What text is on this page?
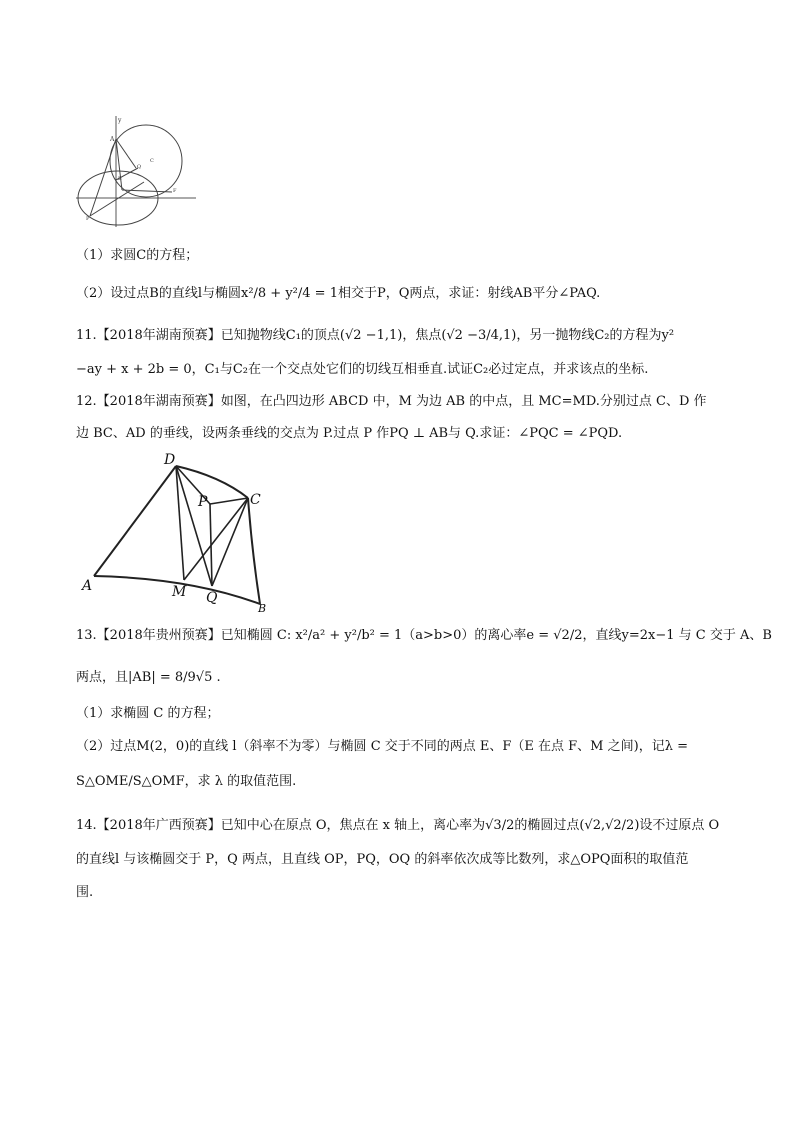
y
A
Q
C
B
F
P
（1）求圆C的方程；
（2）设过点B的直线l与椭圆x²/8 + y²/4 = 1相交于P，Q两点，求证：射线AB平分∠PAQ.
11.【2018年湖南预赛】已知抛物线C₁的顶点(√2 −1,1)，焦点(√2 −3/4,1)，另一抛物线C₂的方程为y²
−ay + x + 2b = 0，C₁与C₂在一个交点处它们的切线互相垂直.试证C₂必过定点，并求该点的坐标.
12.【2018年湖南预赛】如图，在凸四边形 ABCD 中，M 为边 AB 的中点，且 MC=MD.分别过点 C、D 作
边 BC、AD 的垂线，设两条垂线的交点为 P.过点 P 作PQ ⊥ AB与 Q.求证：∠PQC = ∠PQD.
D
P	C
A	M Q
B
13.【2018年贵州预赛】已知椭圆 C: x²/a² + y²/b² = 1（a>b>0）的离心率e = √2/2，直线y=2x−1 与 C 交于 A、B
两点，且|AB| = 8/9√5 .
（1）求椭圆 C 的方程；
（2）过点M(2，0)的直线 l（斜率不为零）与椭圆 C 交于不同的两点 E、F（E 在点 F、M 之间)，记λ =
S△OME/S△OMF，求 λ 的取值范围.
14.【2018年广西预赛】已知中心在原点 O，焦点在 x 轴上，离心率为√3/2的椭圆过点(√2,√2/2)设不过原点 O
的直线l 与该椭圆交于 P，Q 两点，且直线 OP，PQ，OQ 的斜率依次成等比数列，求△OPQ面积的取值范
围.
